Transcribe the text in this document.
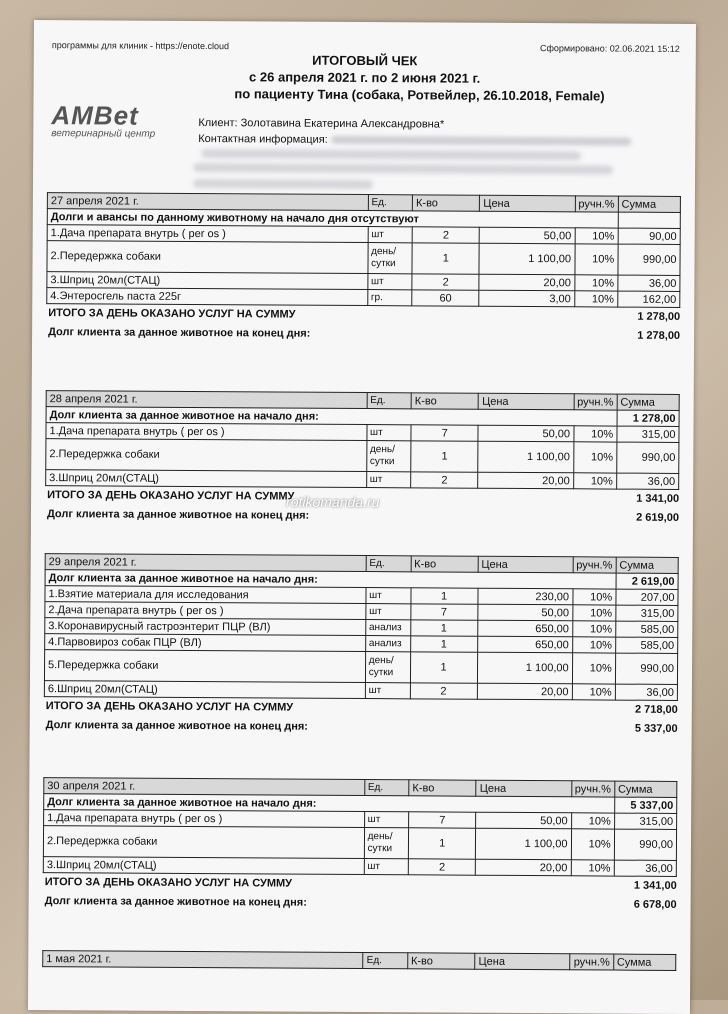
программы для клиник - https://enote.cloud	Сформировано: 02.06.2021 15:12
ИТОГОВЫЙ ЧЕК
с 26 апреля 2021 г. по 2 июня 2021 г.
по пациенту Тина (собака, Ротвейлер, 26.10.2018, Female)
AMBet
ветеринарный центр
Клиент: Золотавина Екатерина Александровна*
Контактная информация:
27 апреля 2021 г.	Ед.	К-во	Цена	ручн.%	Сумма
Долги и авансы по данному животному на начало дня отсутствуют					
1.Дача препарата внутрь ( per os )	шт	2	50,00	10%	90,00
2.Передержка собаки	день/ сутки	1	1 100,00	10%	990,00
3.Шприц 20мл(СТАЦ)	шт	2	20,00	10%	36,00
4.Энтеросгель паста 225г	гр.	60	3,00	10%	162,00
ИТОГО ЗА ДЕНЬ ОКАЗАНО УСЛУГ НА СУММУ	1 278,00
Долг клиента за данное животное на конец дня:	1 278,00
28 апреля 2021 г.	Ед.	К-во	Цена	ручн.%	Сумма
Долг клиента за данное животное на начало дня:					1 278,00
1.Дача препарата внутрь ( per os )	шт	7	50,00	10%	315,00
2.Передержка собаки	день/ сутки	1	1 100,00	10%	990,00
3.Шприц 20мл(СТАЦ)	шт	2	20,00	10%	36,00
ИТОГО ЗА ДЕНЬ ОКАЗАНО УСЛУГ НА СУММУ	1 341,00
Долг клиента за данное животное на конец дня:	2 619,00
29 апреля 2021 г.	Ед.	К-во	Цена	ручн.%	Сумма
Долг клиента за данное животное на начало дня:					2 619,00
1.Взятие материала для исследования	шт	1	230,00	10%	207,00
2.Дача препарата внутрь ( per os )	шт	7	50,00	10%	315,00
3.Коронавирусный гастроэнтерит ПЦР (ВЛ)	анализ	1	650,00	10%	585,00
4.Парвовироз собак ПЦР (ВЛ)	анализ	1	650,00	10%	585,00
5.Передержка собаки	день/ сутки	1	1 100,00	10%	990,00
6.Шприц 20мл(СТАЦ)	шт	2	20,00	10%	36,00
ИТОГО ЗА ДЕНЬ ОКАЗАНО УСЛУГ НА СУММУ	2 718,00
Долг клиента за данное животное на конец дня:	5 337,00
30 апреля 2021 г.	Ед.	К-во	Цена	ручн.%	Сумма
Долг клиента за данное животное на начало дня:					5 337,00
1.Дача препарата внутрь ( per os )	шт	7	50,00	10%	315,00
2.Передержка собаки	день/ сутки	1	1 100,00	10%	990,00
3.Шприц 20мл(СТАЦ)	шт	2	20,00	10%	36,00
ИТОГО ЗА ДЕНЬ ОКАЗАНО УСЛУГ НА СУММУ	1 341,00
Долг клиента за данное животное на конец дня:	6 678,00
1 мая 2021 г.	Ед.	К-во	Цена	ручн.%	Сумма
rotikomanda.ru
